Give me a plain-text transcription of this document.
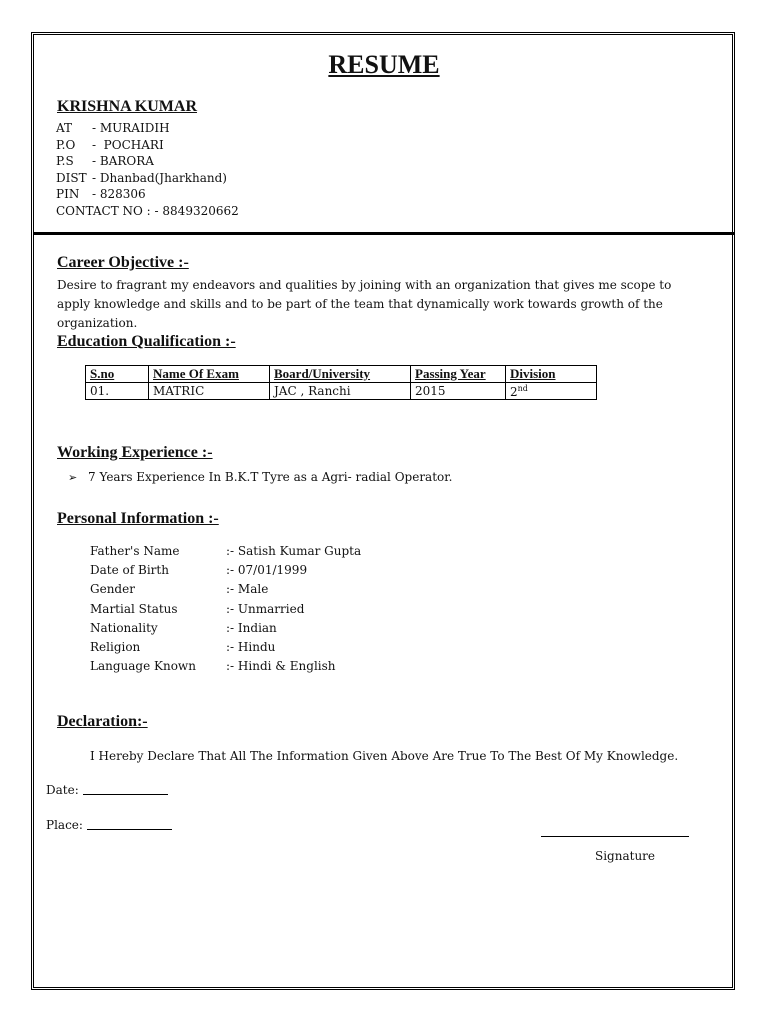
RESUME
KRISHNA KUMAR
AT - MURAIDIH
P.O -  POCHARI
P.S - BARORA
DIST - Dhanbad(Jharkhand)
PIN - 828306
CONTACT NO : - 8849320662
Career Objective :-
Desire to fragrant my endeavors and qualities by joining with an organization that gives me scope to apply knowledge and skills and to be part of the team that dynamically work towards growth of the organization.
Education Qualification :-
S.no	Name Of Exam	Board/University	Passing Year	Division
01.	MATRIC	JAC , Ranchi	2015	2nd
Working Experience :-
➢ 7 Years Experience In B.K.T Tyre as a Agri- radial Operator.
Personal Information :-
Father's Name	:- Satish Kumar Gupta
Date of Birth	:- 07/01/1999
Gender	:- Male
Martial Status	:- Unmarried
Nationality	:- Indian
Religion	:- Hindu
Language Known	:- Hindi & English
Declaration:-
I Hereby Declare That All The Information Given Above Are True To The Best Of My Knowledge.
Date:
Place:
Signature
